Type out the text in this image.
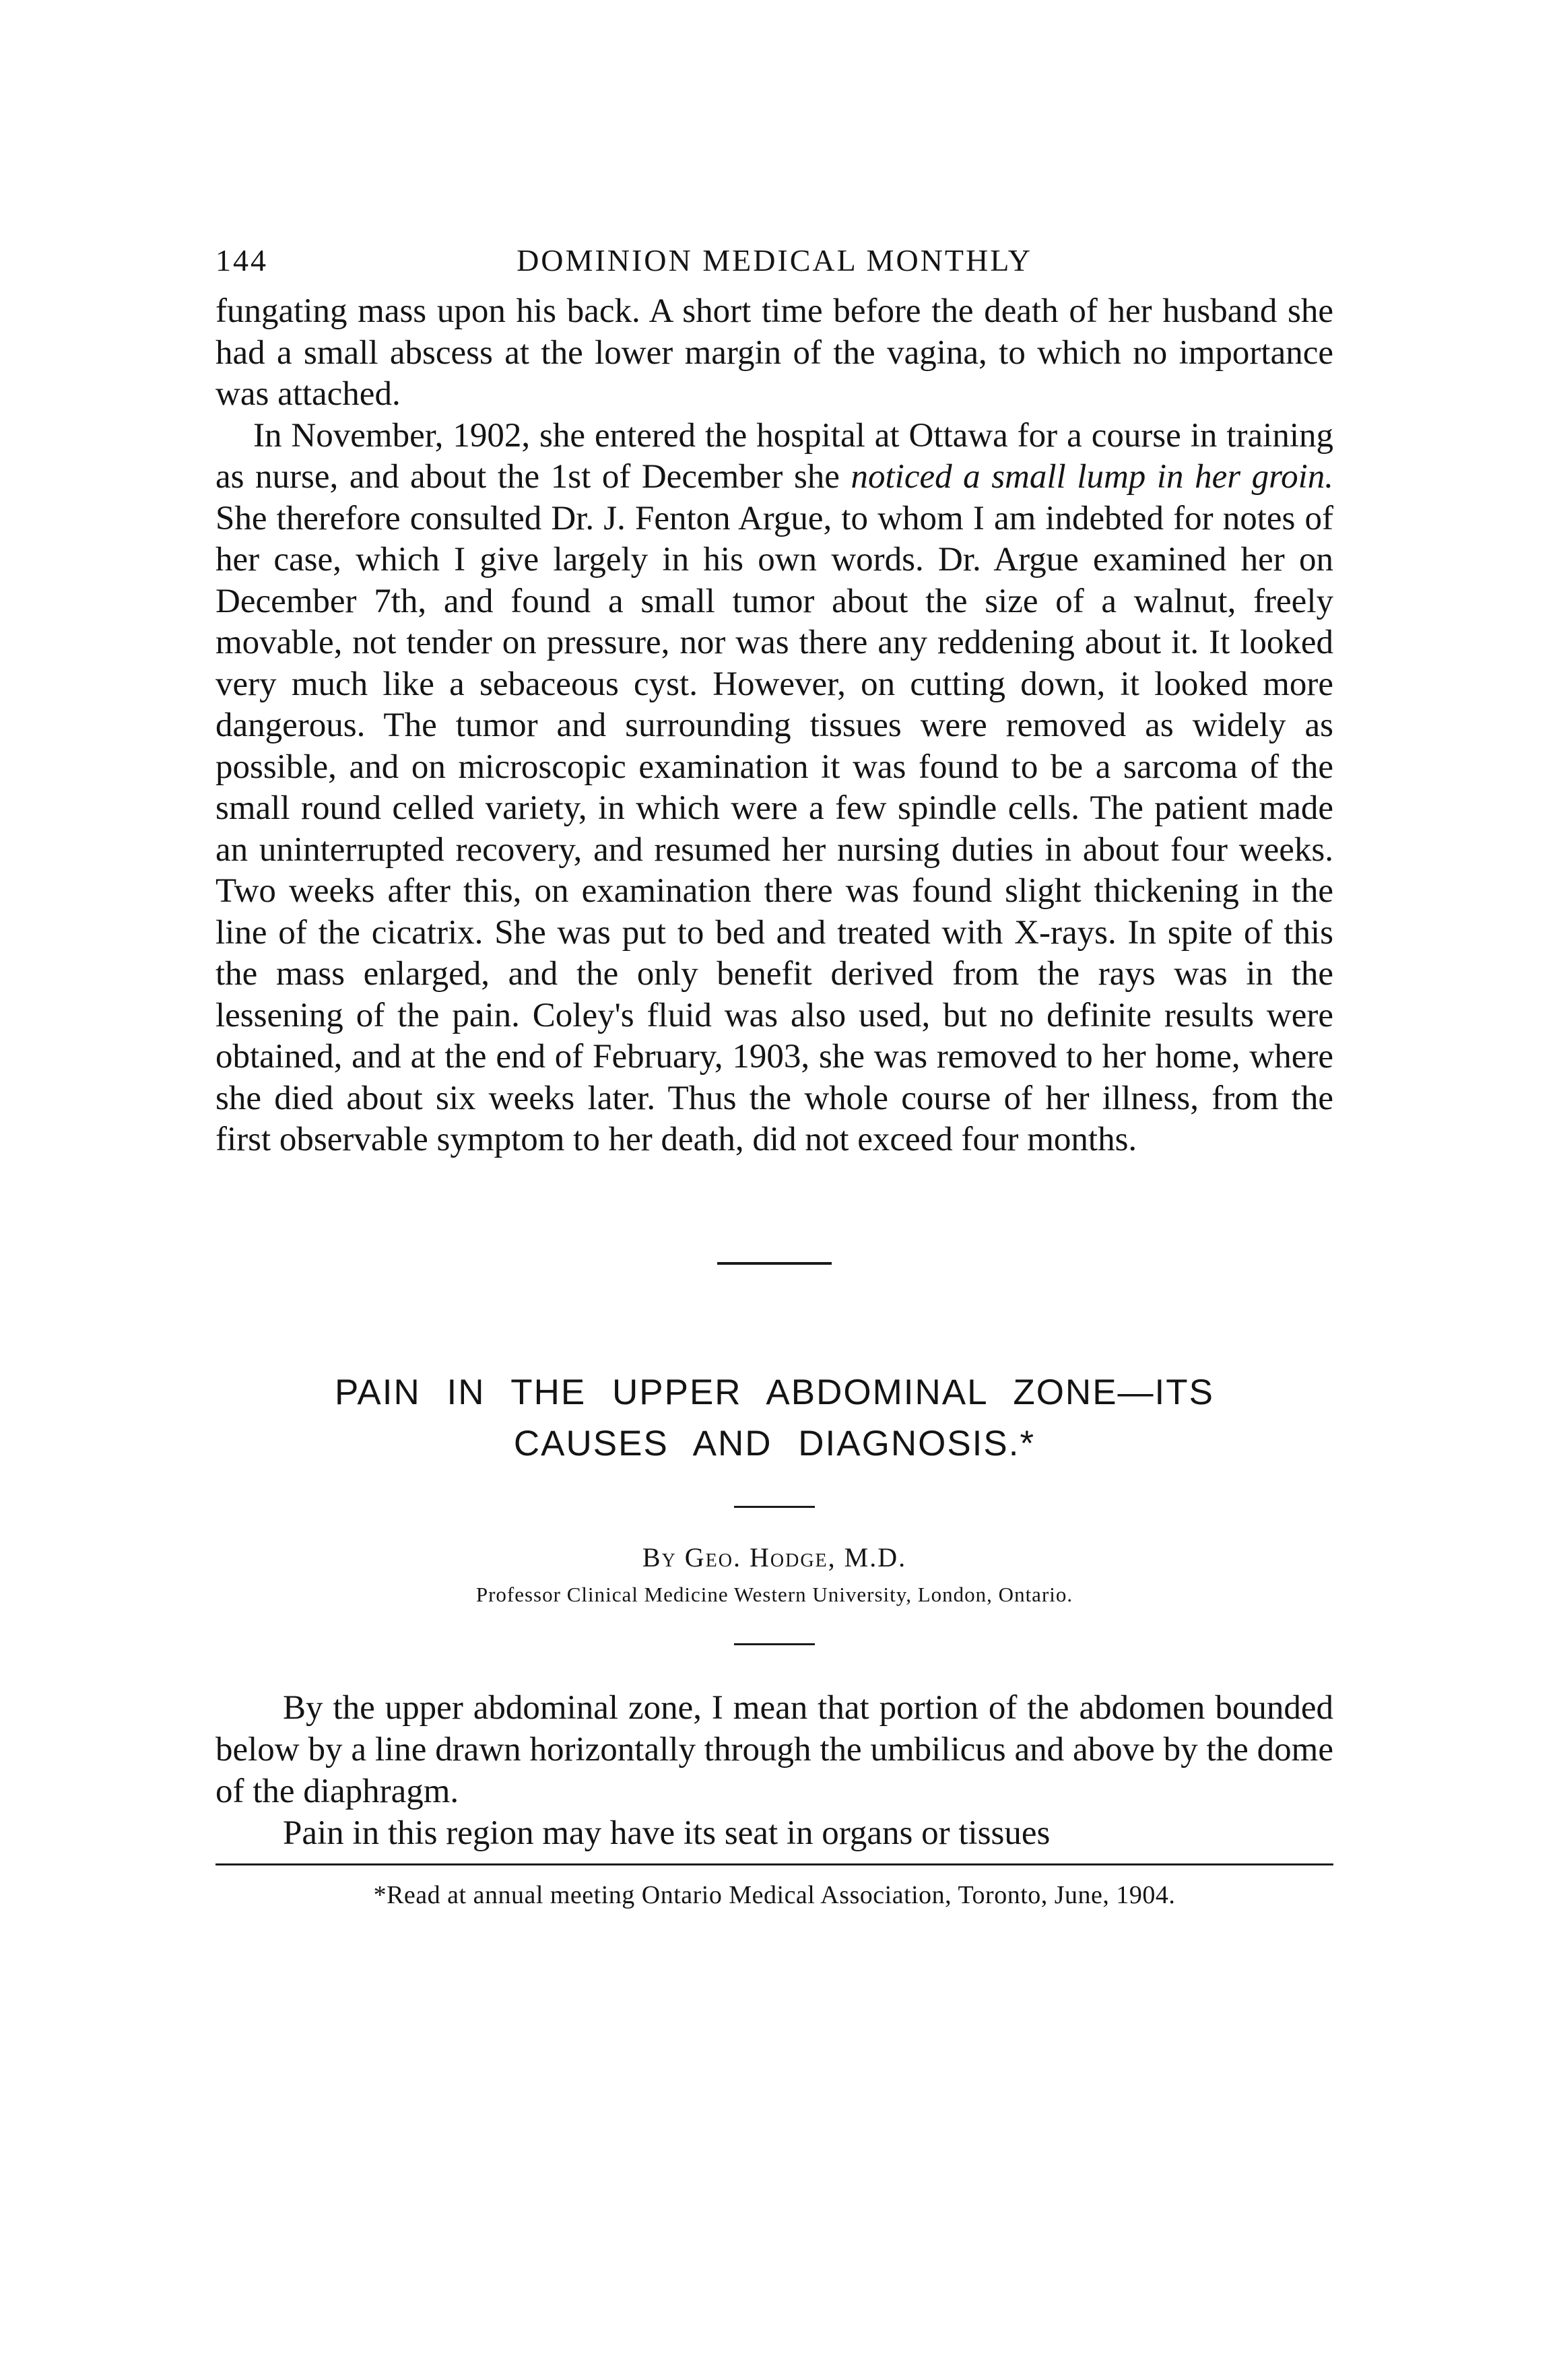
144	DOMINION MEDICAL MONTHLY

fungating mass upon his back. A short time before the death of her husband she had a small abscess at the lower margin of the vagina, to which no importance was attached.

In November, 1902, she entered the hospital at Ottawa for a course in training as nurse, and about the 1st of December she noticed a small lump in her groin. She therefore consulted Dr. J. Fenton Argue, to whom I am indebted for notes of her case, which I give largely in his own words. Dr. Argue examined her on December 7th, and found a small tumor about the size of a walnut, freely movable, not tender on pressure, nor was there any reddening about it. It looked very much like a sebaceous cyst. However, on cutting down, it looked more dangerous. The tumor and surrounding tissues were removed as widely as possible, and on microscopic examination it was found to be a sarcoma of the small round celled variety, in which were a few spindle cells. The patient made an uninterrupted recovery, and resumed her nursing duties in about four weeks. Two weeks after this, on examination there was found slight thickening in the line of the cicatrix. She was put to bed and treated with X-rays. In spite of this the mass enlarged, and the only benefit derived from the rays was in the lessening of the pain. Coley's fluid was also used, but no definite results were obtained, and at the end of February, 1903, she was removed to her home, where she died about six weeks later. Thus the whole course of her illness, from the first observable symptom to her death, did not exceed four months.

PAIN IN THE UPPER ABDOMINAL ZONE—ITS
CAUSES AND DIAGNOSIS.*
By Geo. Hodge, M.D.
Professor Clinical Medicine Western University, London, Ontario.

By the upper abdominal zone, I mean that portion of the abdomen bounded below by a line drawn horizontally through the umbilicus and above by the dome of the diaphragm.

Pain in this region may have its seat in organs or tissues

*Read at annual meeting Ontario Medical Association, Toronto, June, 1904.
